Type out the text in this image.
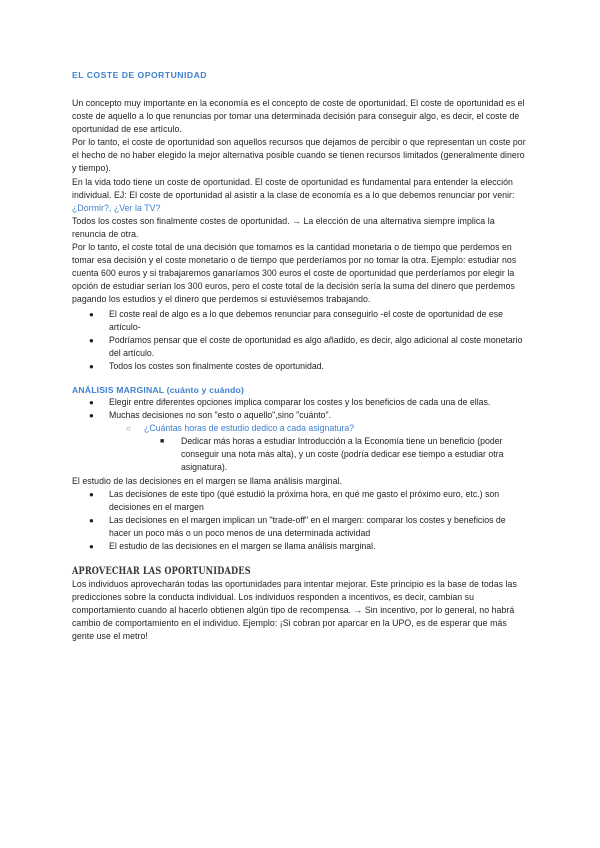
EL COSTE DE OPORTUNIDAD

Un concepto muy importante en la economía es el concepto de coste de oportunidad. El coste de oportunidad es el coste de aquello a lo que renuncias por tomar una determinada decisión para conseguir algo, es decir, el coste de oportunidad de ese artículo.

Por lo tanto, el coste de oportunidad son aquellos recursos que dejamos de percibir o que representan un coste por el hecho de no haber elegido la mejor alternativa posible cuando se tienen recursos limitados (generalmente dinero y tiempo).

En la vida todo tiene un coste de oportunidad. El coste de oportunidad es fundamental para entender la elección individual. EJ: El coste de oportunidad al asistir a la clase de economía es a lo que debemos renunciar por venir: ¿Dormir?, ¿Ver la TV?

Todos los costes son finalmente costes de oportunidad. → La elección de una alternativa siempre implica la renuncia de otra.

Por lo tanto, el coste total de una decisión que tomamos es la cantidad monetaria o de tiempo que perdemos en tomar esa decisión y el coste monetario o de tiempo que perderíamos por no tomar la otra. Ejemplo: estudiar nos cuenta 600 euros y si trabajaremos ganaríamos 300 euros el coste de oportunidad que perderíamos por elegir la opción de estudiar serían los 300 euros, pero el coste total de la decisión sería la suma del dinero que perdemos pagando los estudios y el dinero que perdemos si estuviésemos trabajando.

● El coste real de algo es a lo que debemos renunciar para conseguirlo -el coste de oportunidad de ese artículo-
● Podríamos pensar que el coste de oportunidad es algo añadido, es decir, algo adicional al coste monetario del artículo.
● Todos los costes son finalmente costes de oportunidad.
ANÁLISIS MARGINAL (cuánto y cuándo)
● Elegir entre diferentes opciones implica comparar los costes y los beneficios de cada una de ellas.
● Muchas decisiones no son "esto o aquello",sino "cuánto".
○ ¿Cuántas horas de estudio dedico a cada asignatura?
■ Dedicar más horas a estudiar Introducción a la Economía tiene un beneficio (poder conseguir una nota más alta), y un coste (podría dedicar ese tiempo a estudiar otra asignatura).

El estudio de las decisiones en el margen se llama análisis marginal.

● Las decisiones de este tipo (qué estudió la próxima hora, en qué me gasto el próximo euro, etc.) son decisiones en el margen
● Las decisiones en el margen implican un "trade-off" en el margen: comparar los costes y beneficios de hacer un poco más o un poco menos de una determinada actividad
● El estudio de las decisiones en el margen se llama análisis marginal.
APROVECHAR LAS OPORTUNIDADES

Los individuos aprovecharán todas las oportunidades para intentar mejorar. Este principio es la base de todas las predicciones sobre la conducta individual. Los individuos responden a incentivos, es decir, cambian su comportamiento cuando al hacerlo obtienen algún tipo de recompensa. → Sin incentivo, por lo general, no habrá cambio de comportamiento en el individuo. Ejemplo: ¡Si cobran por aparcar en la UPO, es de esperar que más gente use el metro!
